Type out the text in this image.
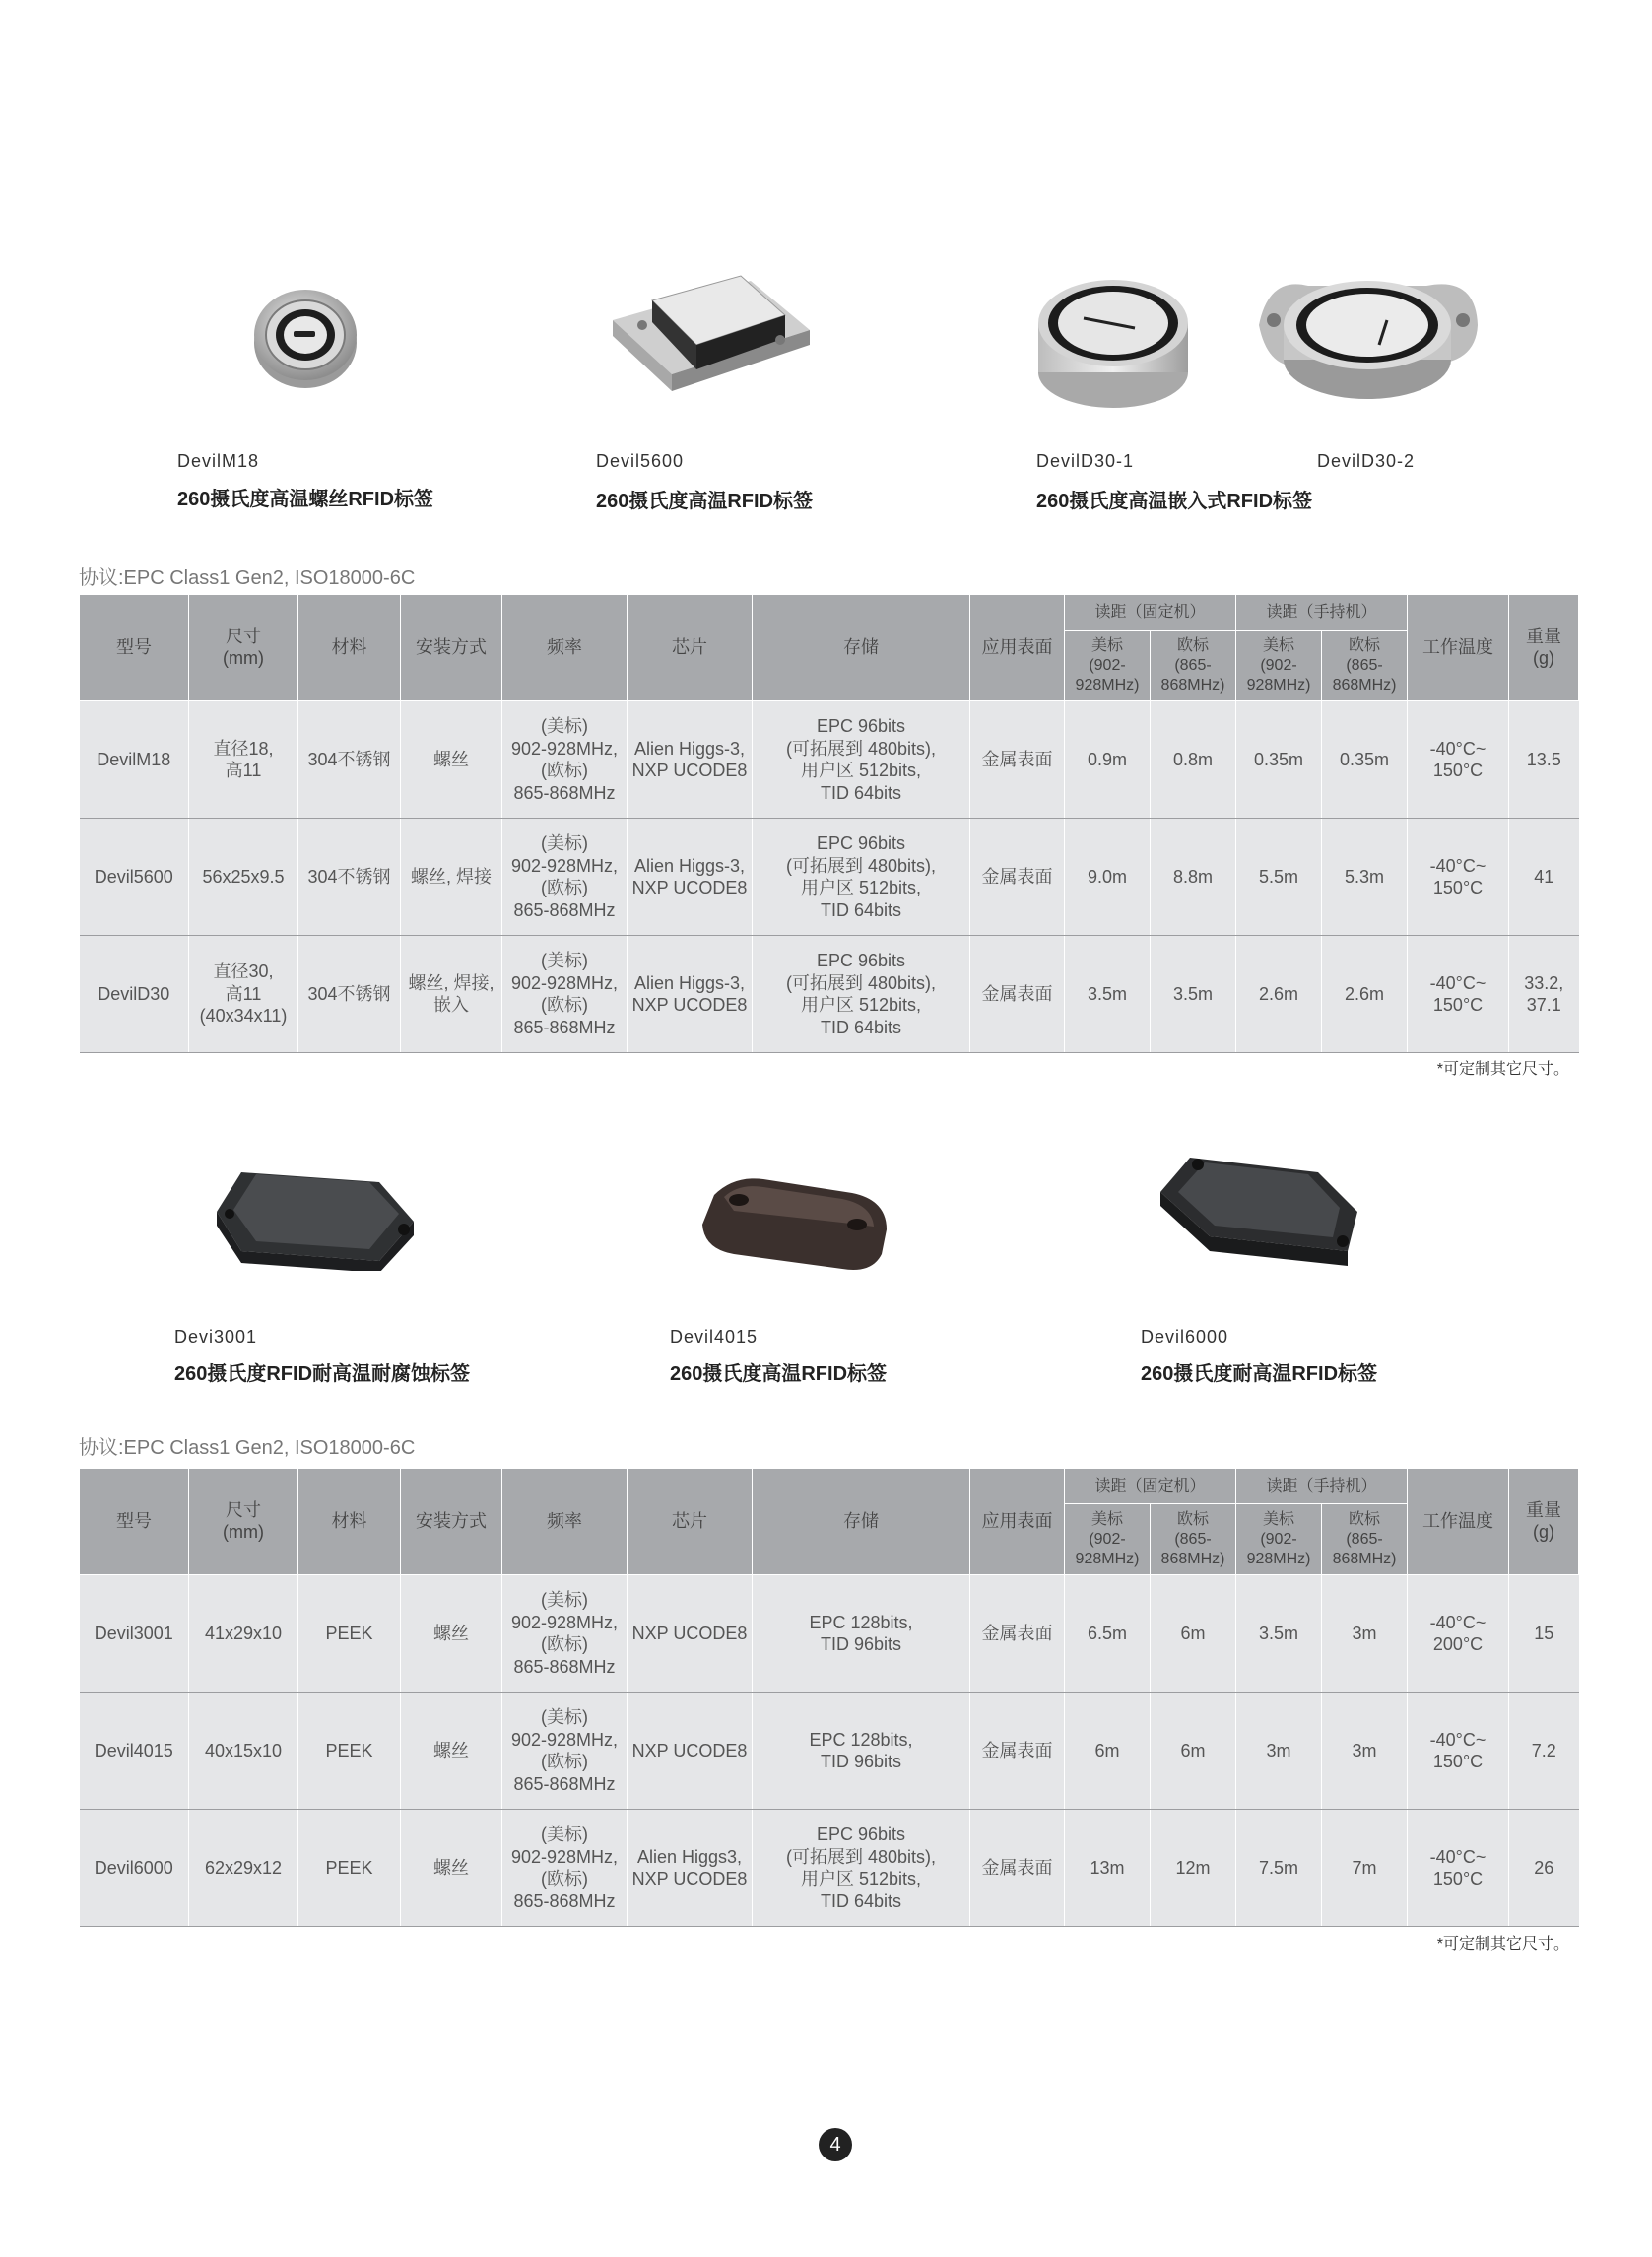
DevilM18
260摄氏度高温螺丝RFID标签
Devil5600
260摄氏度高温RFID标签
DevilD30-1
260摄氏度高温嵌入式RFID标签
DevilD30-2
协议:EPC Class1 Gen2, ISO18000-6C
型号	尺寸
(mm)	材料	安装方式	频率	芯片	存储	应用表面	读距（固定机）		读距（手持机）		工作温度	重量
(g)
								美标
(902-
928MHz)	欧标
(865-
868MHz)	美标
(902-
928MHz)	欧标
(865-
868MHz)		
DevilM18	直径18,
高11	304不锈钢	螺丝	(美标)
902-928MHz,
(欧标)
865-868MHz	Alien Higgs-3,
NXP UCODE8	EPC 96bits
(可拓展到 480bits),
用户区 512bits,
TID 64bits	金属表面	0.9m	0.8m	0.35m	0.35m	-40°C~
150°C	13.5
Devil5600	56x25x9.5	304不锈钢	螺丝, 焊接	(美标)
902-928MHz,
(欧标)
865-868MHz	Alien Higgs-3,
NXP UCODE8	EPC 96bits
(可拓展到 480bits),
用户区 512bits,
TID 64bits	金属表面	9.0m	8.8m	5.5m	5.3m	-40°C~
150°C	41
DevilD30	直径30,
高11
(40x34x11)	304不锈钢	螺丝, 焊接,
嵌入	(美标)
902-928MHz,
(欧标)
865-868MHz	Alien Higgs-3,
NXP UCODE8	EPC 96bits
(可拓展到 480bits),
用户区 512bits,
TID 64bits	金属表面	3.5m	3.5m	2.6m	2.6m	-40°C~
150°C	33.2,
37.1
*可定制其它尺寸。
Devi3001
260摄氏度RFID耐高温耐腐蚀标签
Devil4015
260摄氏度高温RFID标签
Devil6000
260摄氏度耐高温RFID标签
协议:EPC Class1 Gen2, ISO18000-6C
型号	尺寸
(mm)	材料	安装方式	频率	芯片	存储	应用表面	读距（固定机）		读距（手持机）		工作温度	重量
(g)
								美标
(902-
928MHz)	欧标
(865-
868MHz)	美标
(902-
928MHz)	欧标
(865-
868MHz)		
Devil3001	41x29x10	PEEK	螺丝	(美标)
902-928MHz,
(欧标)
865-868MHz	NXP UCODE8	EPC 128bits,
TID 96bits	金属表面	6.5m	6m	3.5m	3m	-40°C~
200°C	15
Devil4015	40x15x10	PEEK	螺丝	(美标)
902-928MHz,
(欧标)
865-868MHz	NXP UCODE8	EPC 128bits,
TID 96bits	金属表面	6m	6m	3m	3m	-40°C~
150°C	7.2
Devil6000	62x29x12	PEEK	螺丝	(美标)
902-928MHz,
(欧标)
865-868MHz	Alien Higgs3,
NXP UCODE8	EPC 96bits
(可拓展到 480bits),
用户区 512bits,
TID 64bits	金属表面	13m	12m	7.5m	7m	-40°C~
150°C	26
*可定制其它尺寸。
4
